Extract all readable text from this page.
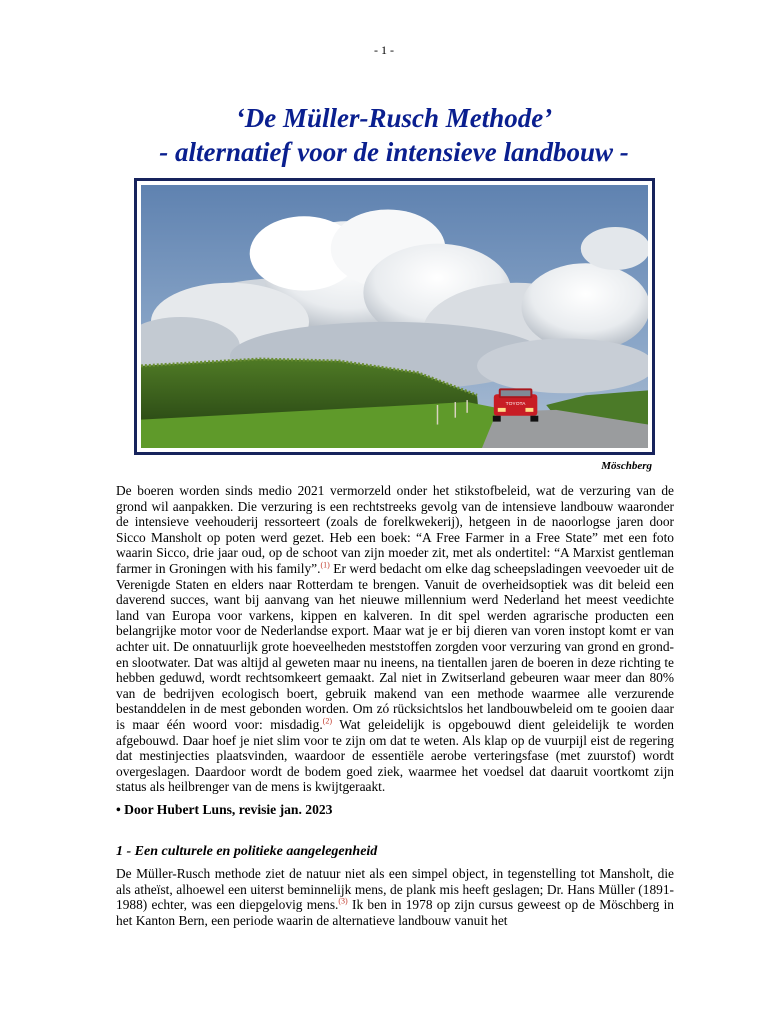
- 1 -
‘De Müller-Rusch Methode’
- alternatief voor de intensieve landbouw -
TOYOTA
Möschberg

De boeren worden sinds medio 2021 vermorzeld onder het stikstofbeleid, wat de verzuring van de grond wil aanpakken. Die verzuring is een rechtstreeks gevolg van de intensieve landbouw waaronder de intensieve veehouderij ressorteert (zoals de forelkwekerij), hetgeen in de naoorlogse jaren door Sicco Mansholt op poten werd gezet. Heb een boek: “A Free Farmer in a Free State” met een foto waarin Sicco, drie jaar oud, op de schoot van zijn moeder zit, met als ondertitel: “A Marxist gentleman farmer in Groningen with his family”.$^{(1)}$ Er werd bedacht om elke dag scheepsladingen veevoeder uit de Verenigde Staten en elders naar Rotterdam te brengen. Vanuit de overheidsoptiek was dit beleid een daverend succes, want bij aanvang van het nieuwe millennium werd Nederland het meest veedichte land van Europa voor varkens, kippen en kalveren. In dit spel werden agrarische producten een belangrijke motor voor de Nederlandse export. Maar wat je er bij dieren van voren instopt komt er van achter uit. De onnatuurlijk grote hoeveelheden meststoffen zorgden voor verzuring van grond en grond- en slootwater. Dat was altijd al geweten maar nu ineens, na tientallen jaren de boeren in deze richting te hebben geduwd, wordt rechtsomkeert gemaakt. Zal niet in Zwitserland gebeuren waar meer dan 80% van de bedrijven ecologisch boert, gebruik makend van een methode waarmee alle verzurende bestanddelen in de mest gebonden worden. Om zó rücksichtslos het landbouwbeleid om te gooien daar is maar één woord voor: misdadig.$^{(2)}$ Wat geleidelijk is opgebouwd dient geleidelijk te worden afgebouwd. Daar hoef je niet slim voor te zijn om dat te weten. Als klap op de vuurpijl eist de regering dat mestinjecties plaatsvinden, waardoor de essentiële aerobe verteringsfase (met zuurstof) wordt overgeslagen. Daardoor wordt de bodem goed ziek, waarmee het voedsel dat daaruit voortkomt zijn status als heilbrenger van de mens is kwijtgeraakt.

• Door Hubert Luns, revisie jan. 2023

1 - Een culturele en politieke aangelegenheid

De Müller-Rusch methode ziet de natuur niet als een simpel object, in tegenstelling tot Mansholt, die als atheïst, alhoewel een uiterst beminnelijk mens, de plank mis heeft geslagen; Dr. Hans Müller (1891-1988) echter, was een diepgelovig mens.$^{(3)}$ Ik ben in 1978 op zijn cursus geweest op de Möschberg in het Kanton Bern, een periode waarin de alternatieve landbouw vanuit het
